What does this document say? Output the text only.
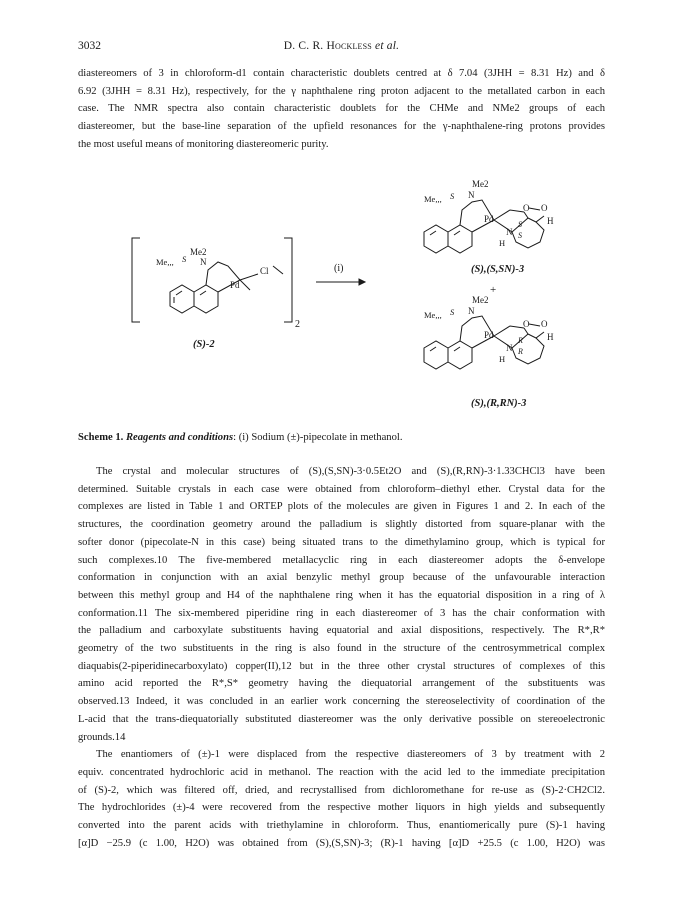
3032	D. C. R. Hockless et al.
diastereomers of 3 in chloroform-d1 contain characteristic doublets centred at δ 7.04 (3JHH = 8.31 Hz) and δ
6.92 (3JHH = 8.31 Hz), respectively, for the γ naphthalene ring proton adjacent to the metallated carbon in each
case. The NMR spectra also contain characteristic doublets for the CHMe and NMe2 groups of each
diastereomer, but the base-line separation of the upfield resonances for the γ-naphthalene-ring protons provides
the most useful means of monitoring diastereomeric purity.
Me2
N
Me,,, S
Pd
Cl
2
(S)-2
(i)
Me2
N
Me,,, S
Pd
O O
S	H
N S
H
(S),(S,SN)-3
+
Me2
N
Me,,, S
Pd
O O
R	H
N R
H
(S),(R,RN)-3
Scheme 1. Reagents and conditions: (i) Sodium (±)-pipecolate in methanol.
The crystal and molecular structures of (S),(S,SN)-3·0.5Et2O and (S),(R,RN)-3·1.33CHCl3 have been
determined. Suitable crystals in each case were obtained from chloroform–diethyl ether. Crystal data for the
complexes are listed in Table 1 and ORTEP plots of the molecules are given in Figures 1 and 2. In each of the
structures, the coordination geometry around the palladium is slightly distorted from square-planar with the
softer donor (pipecolate-N in this case) being situated trans to the dimethylamino group, which is typical for
such complexes.10 The five-membered metallacyclic ring in each diastereomer adopts the δ-envelope
conformation in conjunction with an axial benzylic methyl group because of the unfavourable interaction
between this methyl group and H4 of the naphthalene ring when it has the equatorial disposition in a ring of λ
conformation.11 The six-membered piperidine ring in each diastereomer of 3 has the chair conformation with
the palladium and carboxylate substituents having equatorial and axial dispositions, respectively. The R*,R*
geometry of the two substituents in the ring is also found in the structure of the centrosymmetrical complex
diaquabis(2-piperidinecarboxylato) copper(II),12 but in the three other crystal structures of complexes of this
amino acid reported the R*,S* geometry having the diequatorial arrangement of the substituents was
observed.13 Indeed, it was concluded in an earlier work concerning the stereoselectivity of coordination of the
L-acid that the trans-diequatorially substituted diastereomer was the only derivative possible on stereoelectronic
grounds.14
The enantiomers of (±)-1 were displaced from the respective diastereomers of 3 by treatment with 2
equiv. concentrated hydrochloric acid in methanol. The reaction with the acid led to the immediate precipitation
of (S)-2, which was filtered off, dried, and recrystallised from dichloromethane for re-use as (S)-2·CH2Cl2.
The hydrochlorides (±)-4 were recovered from the respective mother liquors in high yields and subsequently
converted into the parent acids with triethylamine in chloroform. Thus, enantiomerically pure (S)-1 having
[α]D −25.9 (c 1.00, H2O) was obtained from (S),(S,SN)-3; (R)-1 having [α]D +25.5 (c 1.00, H2O) was
